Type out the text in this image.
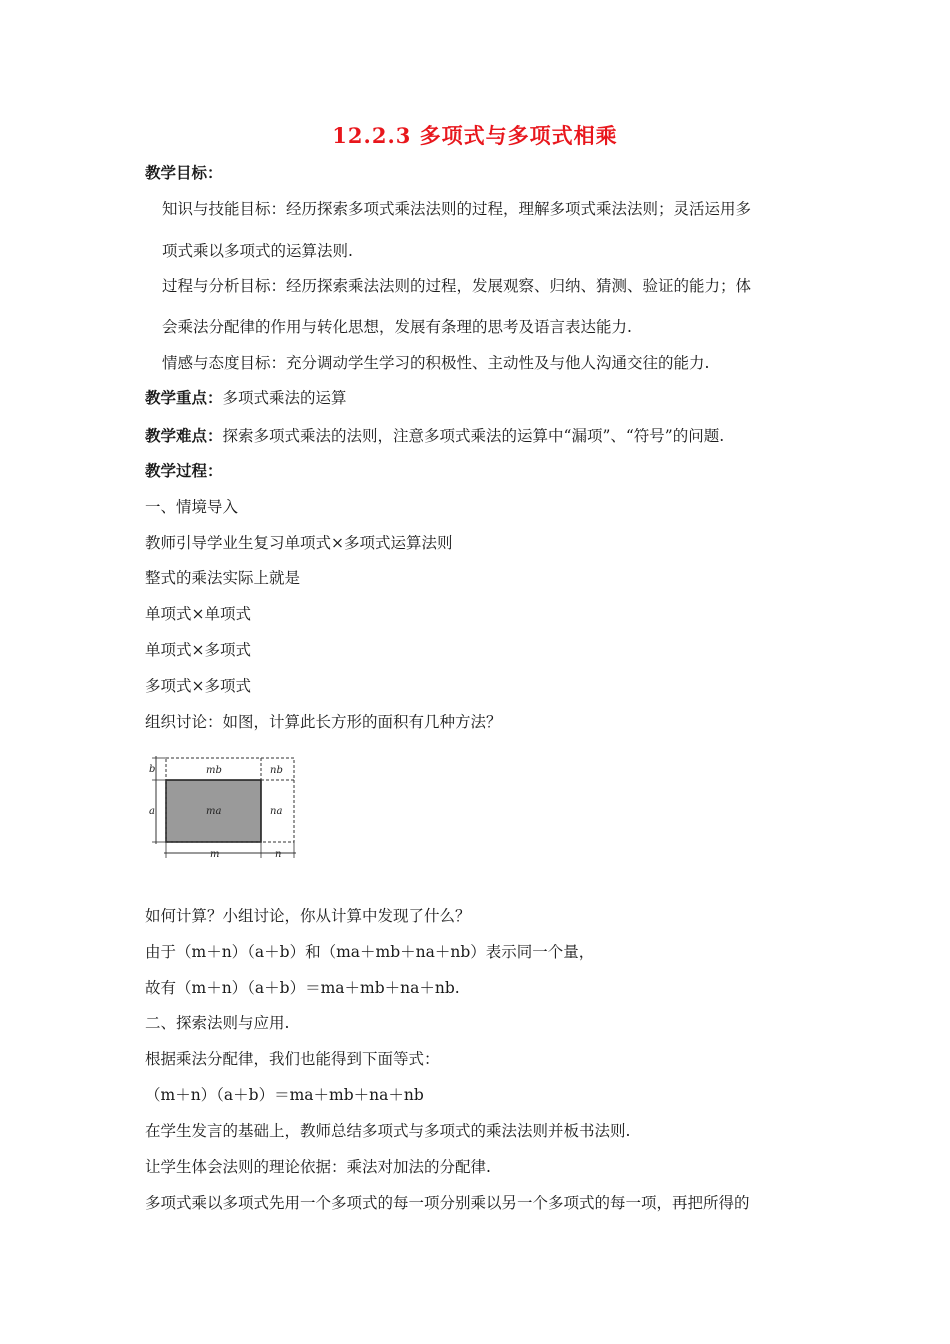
12.2.3 多项式与多项式相乘
教学目标：
知识与技能目标：经历探索多项式乘法法则的过程，理解多项式乘法法则；灵活运用多
项式乘以多项式的运算法则.
过程与分析目标：经历探索乘法法则的过程，发展观察、归纳、猜测、验证的能力；体
会乘法分配律的作用与转化思想，发展有条理的思考及语言表达能力.
情感与态度目标：充分调动学生学习的积极性、主动性及与他人沟通交往的能力.
教学重点：多项式乘法的运算
教学难点：探索多项式乘法的法则，注意多项式乘法的运算中“漏项”、“符号”的问题.
教学过程：
一、情境导入
教师引导学业生复习单项式×多项式运算法则
整式的乘法实际上就是
单项式×单项式
单项式×多项式
多项式×多项式
组织讨论：如图，计算此长方形的面积有几种方法？
mb	nb
ma	na
m	n
a
b
如何计算？小组讨论，你从计算中发现了什么？
由于（m＋n）（a＋b）和（ma＋mb＋na＋nb）表示同一个量，
故有（m＋n）（a＋b）＝ma＋mb＋na＋nb.
二、探索法则与应用.
根据乘法分配律，我们也能得到下面等式：
（m＋n）（a＋b）＝ma＋mb＋na＋nb
在学生发言的基础上，教师总结多项式与多项式的乘法法则并板书法则.
让学生体会法则的理论依据：乘法对加法的分配律.
多项式乘以多项式先用一个多项式的每一项分别乘以另一个多项式的每一项，再把所得的
